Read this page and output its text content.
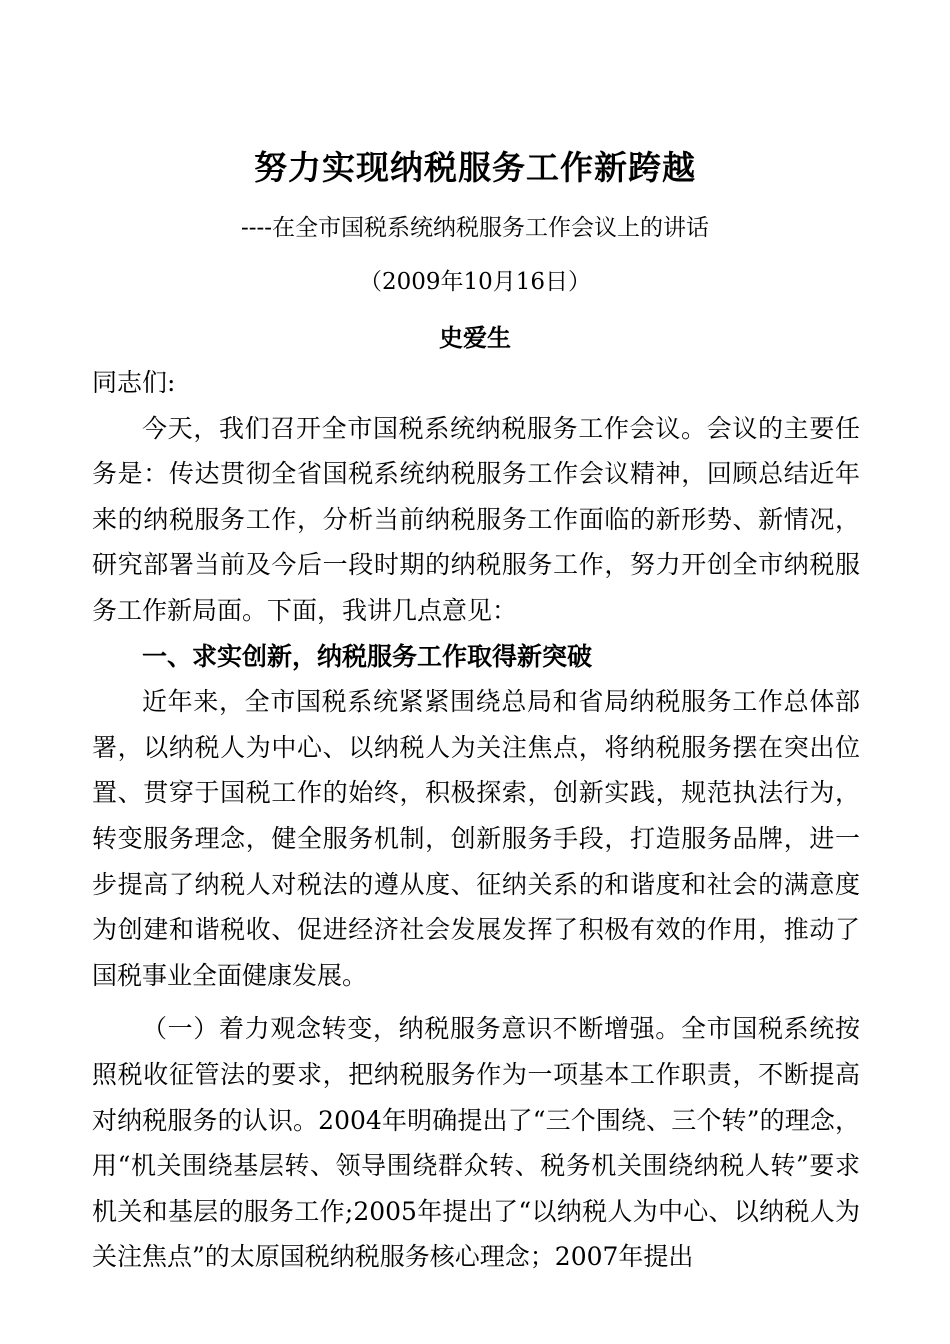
努力实现纳税服务工作新跨越
----在全市国税系统纳税服务工作会议上的讲话
（2009年10月16日）
史爱生

同志们:

今天，我们召开全市国税系统纳税服务工作会议。会议的主要任务是：传达贯彻全省国税系统纳税服务工作会议精神，回顾总结近年来的纳税服务工作，分析当前纳税服务工作面临的新形势、新情况，研究部署当前及今后一段时期的纳税服务工作，努力开创全市纳税服务工作新局面。下面，我讲几点意见：

一、求实创新，纳税服务工作取得新突破

近年来，全市国税系统紧紧围绕总局和省局纳税服务工作总体部署，以纳税人为中心、以纳税人为关注焦点，将纳税服务摆在突出位置、贯穿于国税工作的始终，积极探索，创新实践，规范执法行为，转变服务理念，健全服务机制，创新服务手段，打造服务品牌，进一步提高了纳税人对税法的遵从度、征纳关系的和谐度和社会的满意度为创建和谐税收、促进经济社会发展发挥了积极有效的作用，推动了国税事业全面健康发展。

（一）着力观念转变，纳税服务意识不断增强。全市国税系统按照税收征管法的要求，把纳税服务作为一项基本工作职责，不断提高对纳税服务的认识。2004年明确提出了“三个围绕、三个转”的理念，用“机关围绕基层转、领导围绕群众转、税务机关围绕纳税人转”要求机关和基层的服务工作;2005年提出了“以纳税人为中心、以纳税人为关注焦点”的太原国税纳税服务核心理念；2007年提出
